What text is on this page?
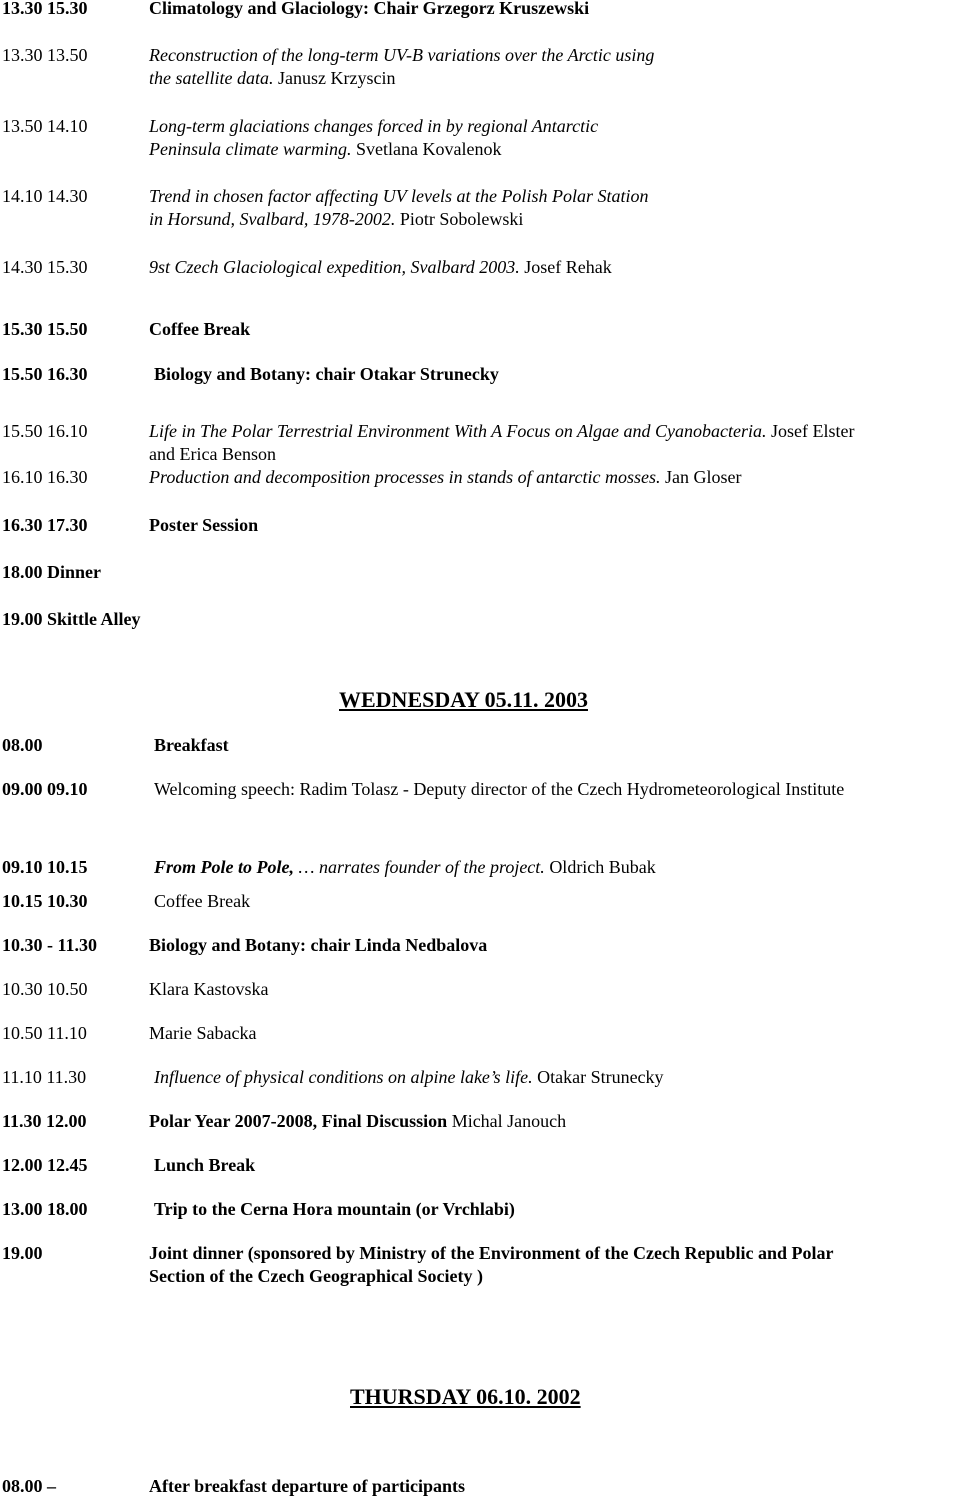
13.30 15.30	Climatology and Glaciology: Chair Grzegorz Kruszewski
13.30 13.50	Reconstruction of the long-term UV-B variations over the Arctic using
the satellite data. Janusz Krzyscin
13.50 14.10	Long-term glaciations changes forced in by regional Antarctic
Peninsula climate warming. Svetlana Kovalenok
14.10 14.30	Trend in chosen factor affecting UV levels at the Polish Polar Station
in Horsund, Svalbard, 1978-2002. Piotr Sobolewski
14.30 15.30	9st Czech Glaciological expedition, Svalbard 2003. Josef Rehak
15.30 15.50	Coffee Break
15.50 16.30	Biology and Botany: chair Otakar Strunecky
15.50 16.10	Life in The Polar Terrestrial Environment With A Focus on Algae and Cyanobacteria. Josef Elster
and Erica Benson
16.10 16.30	Production and decomposition processes in stands of antarctic mosses. Jan Gloser
16.30 17.30	Poster Session
18.00 Dinner
19.00 Skittle Alley
WEDNESDAY 05.11. 2003
08.00	Breakfast
09.00 09.10	Welcoming speech: Radim Tolasz - Deputy director of the Czech Hydrometeorological Institute
09.10 10.15	From Pole to Pole, … narrates founder of the project. Oldrich Bubak
10.15 10.30	Coffee Break
10.30 - 11.30	Biology and Botany: chair Linda Nedbalova
10.30 10.50	Klara Kastovska
10.50 11.10	Marie Sabacka
11.10 11.30	Influence of physical conditions on alpine lake’s life. Otakar Strunecky
11.30 12.00	Polar Year 2007-2008, Final Discussion Michal Janouch
12.00 12.45	Lunch Break
13.00 18.00	Trip to the Cerna Hora mountain (or Vrchlabi)
19.00	Joint dinner (sponsored by Ministry of the Environment of the Czech Republic and Polar
Section of the Czech Geographical Society )
THURSDAY 06.10. 2002
08.00 –	After breakfast departure of participants
